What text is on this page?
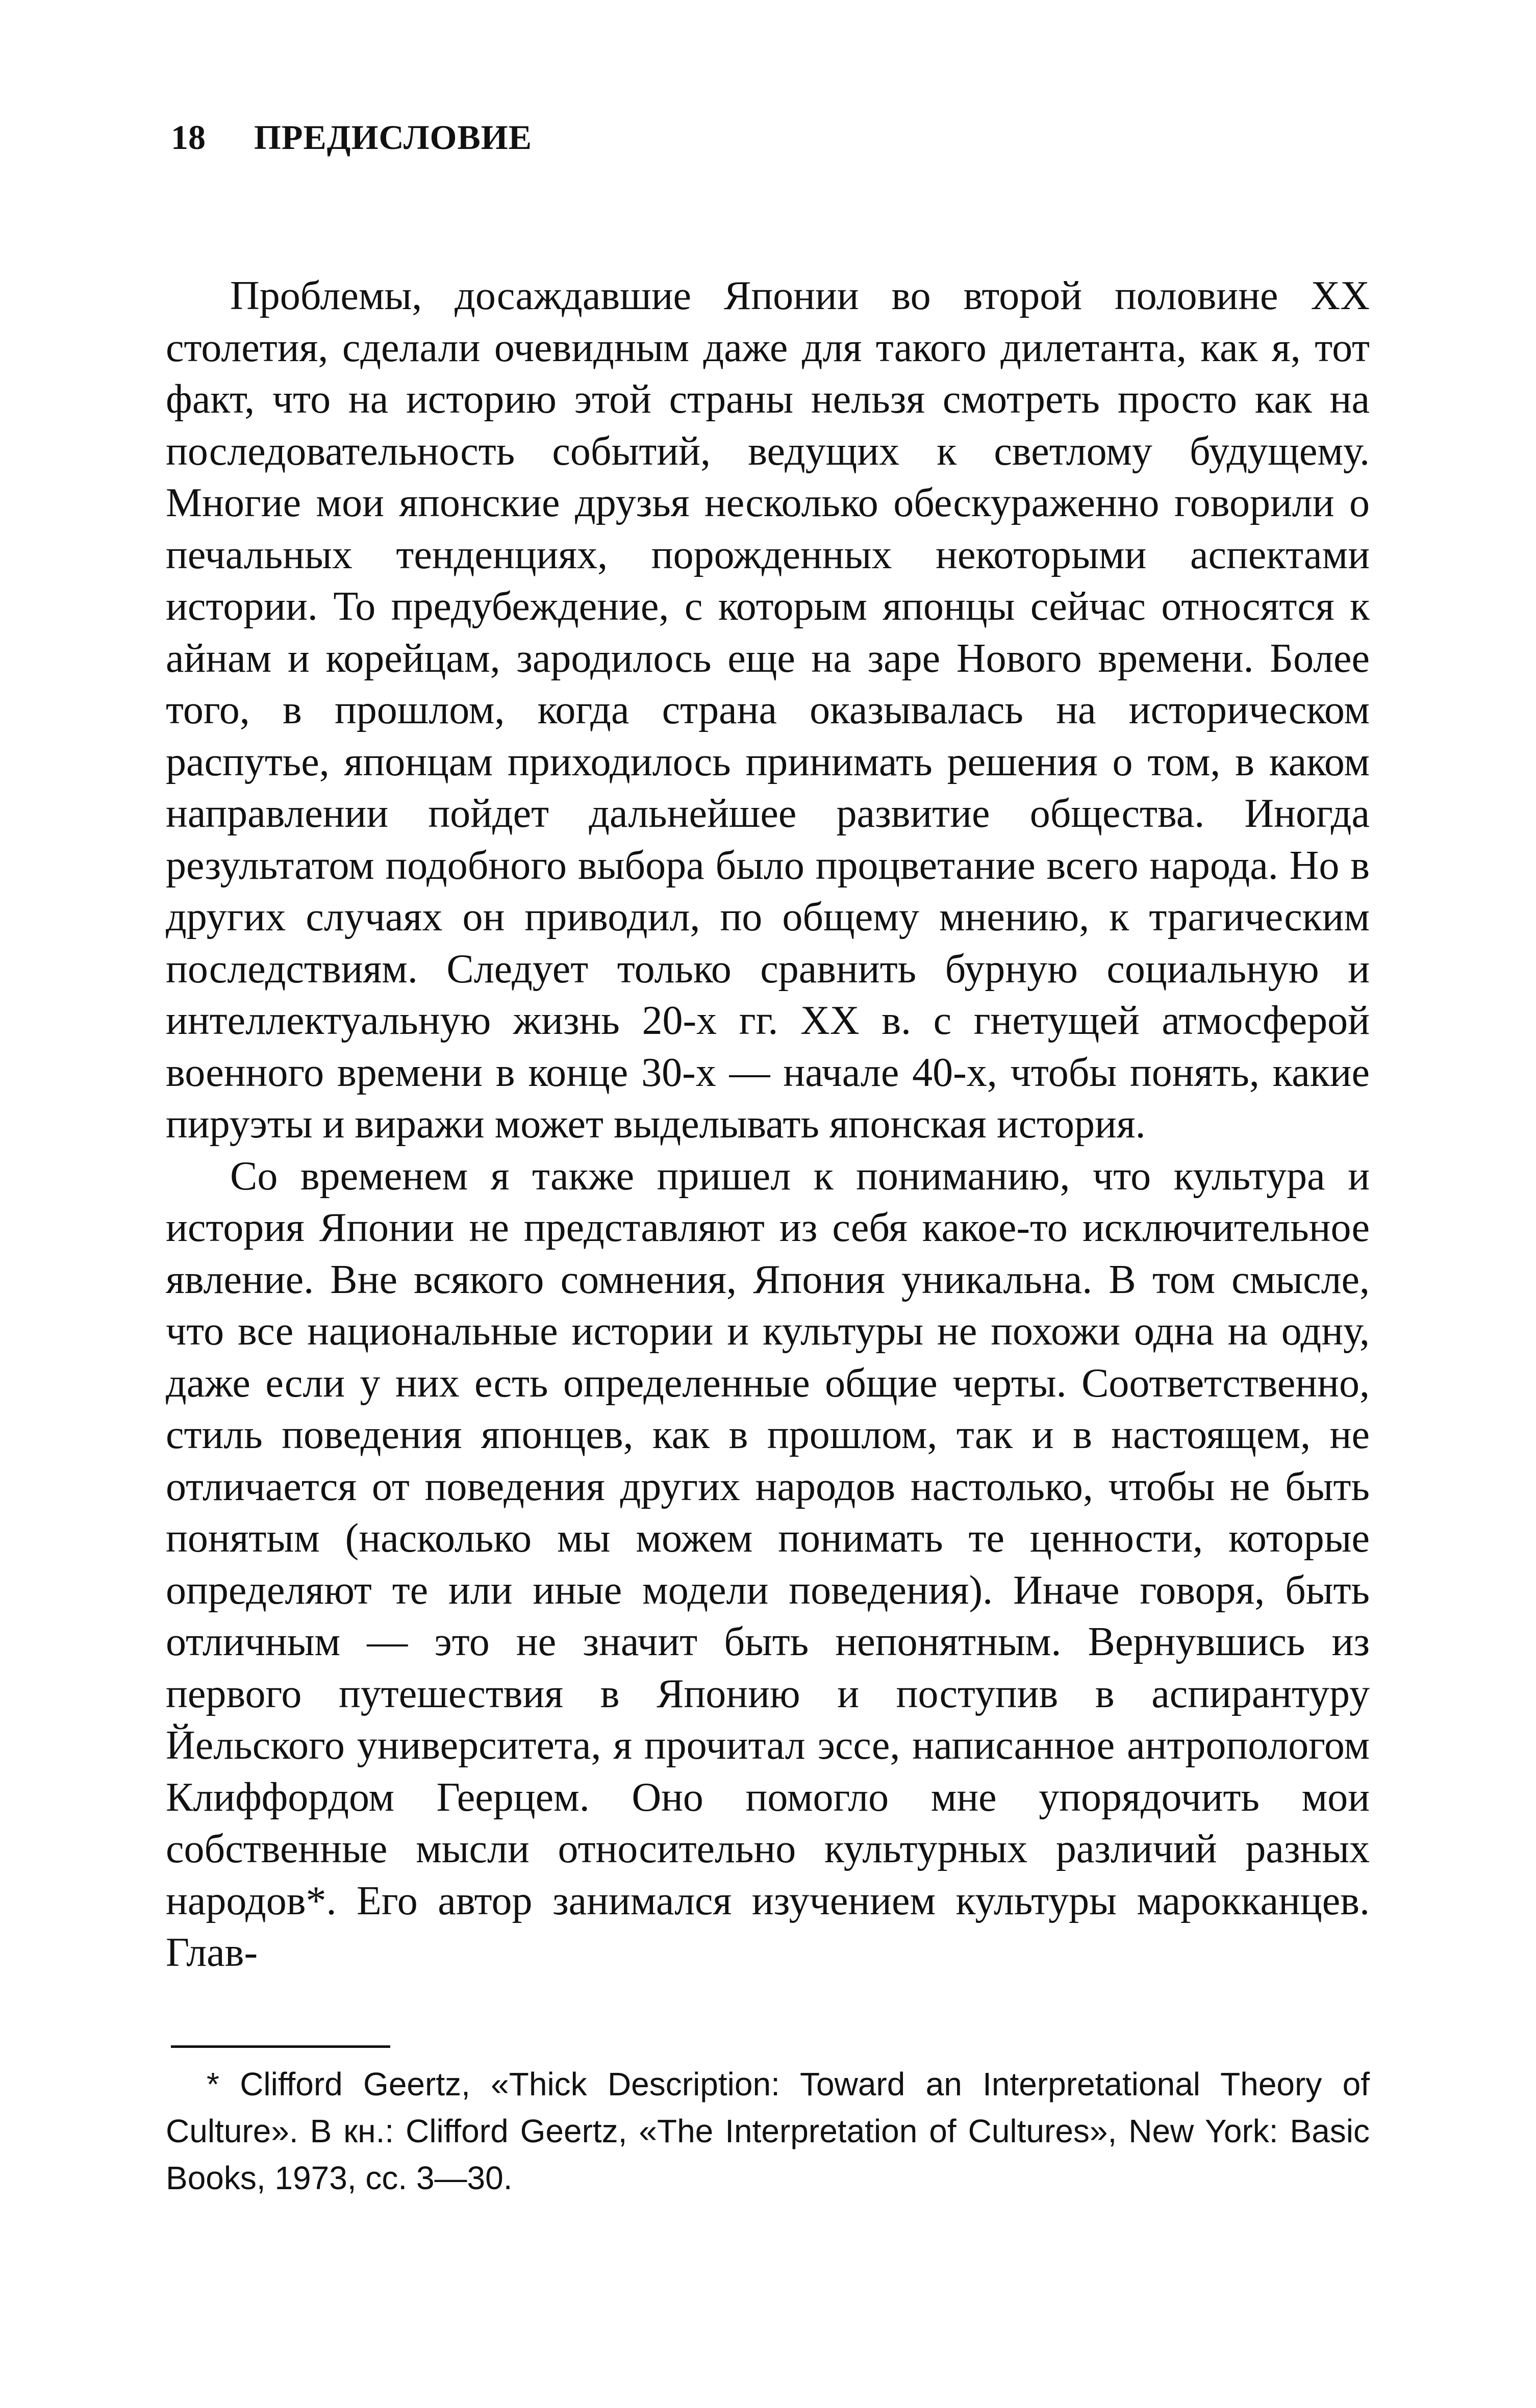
18 ПРЕДИСЛОВИЕ

Проблемы, досаждавшие Японии во второй половине XX столетия, сделали очевидным даже для такого дилетанта, как я, тот факт, что на историю этой страны нельзя смотреть просто как на последовательность событий, ведущих к светлому будущему. Многие мои японские друзья несколько обескураженно говорили о печальных тенденциях, порожденных некоторыми аспектами истории. То предубеждение, с которым японцы сейчас относятся к айнам и корейцам, зародилось еще на заре Нового времени. Более того, в прошлом, когда страна оказывалась на историческом распутье, японцам приходилось принимать решения о том, в каком направлении пойдет дальнейшее развитие общества. Иногда результатом подобного выбора было процветание всего народа. Но в других случаях он приводил, по общему мнению, к трагическим последствиям. Следует только сравнить бурную социальную и интеллектуальную жизнь 20-х гг. XX в. с гнетущей атмосферой военного времени в конце 30-х — начале 40-х, чтобы понять, какие пируэты и виражи может выделывать японская история.

Со временем я также пришел к пониманию, что культура и история Японии не представляют из себя какое-то исключительное явление. Вне всякого сомнения, Япония уникальна. В том смысле, что все национальные истории и культуры не похожи одна на одну, даже если у них есть определенные общие черты. Соответственно, стиль поведения японцев, как в прошлом, так и в настоящем, не отличается от поведения других народов настолько, чтобы не быть понятым (насколько мы можем понимать те ценности, которые определяют те или иные модели поведения). Иначе говоря, быть отличным — это не значит быть непонятным. Вернувшись из первого путешествия в Японию и поступив в аспирантуру Йельского университета, я прочитал эссе, написанное антропологом Клиффордом Геерцем. Оно помогло мне упорядочить мои собственные мысли относительно культурных различий разных народов*. Его автор занимался изучением культуры марокканцев. Глав-

* Clifford Geertz, «Thick Description: Toward an Interpretational Theory of Culture». В кн.: Clifford Geertz, «The Interpretation of Cultures», New York: Basic Books, 1973, сс. 3—30.
